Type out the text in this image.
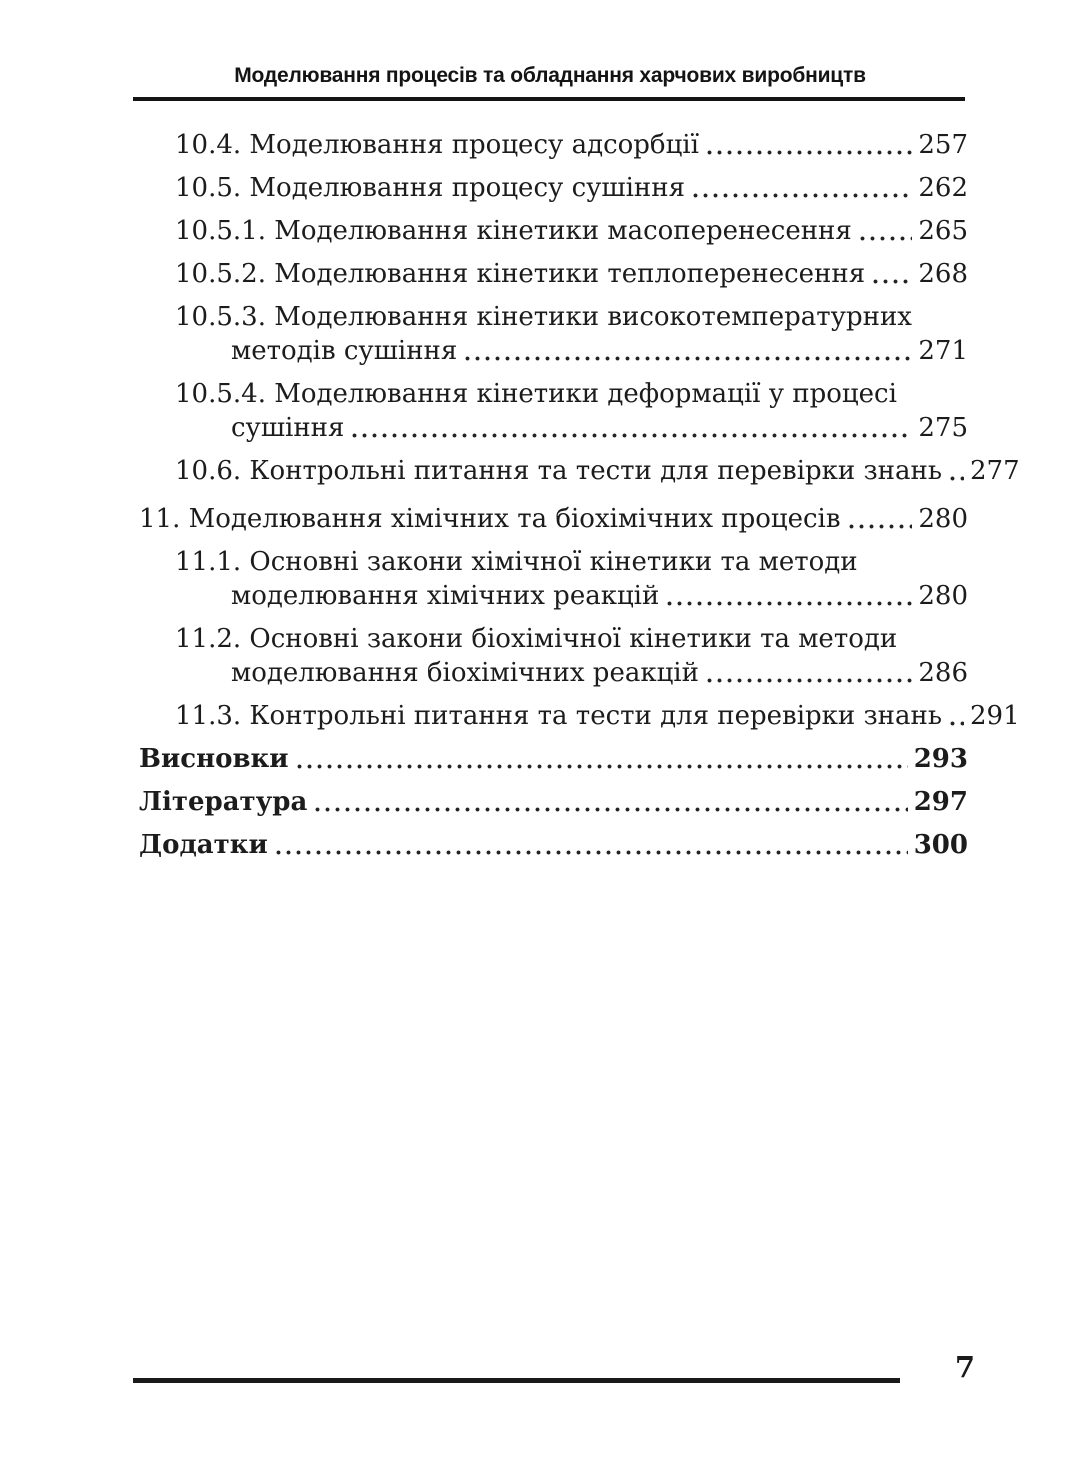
Моделювання процесів та обладнання харчових виробництв
10.4. Моделювання процесу адсорбції	257
10.5. Моделювання процесу сушіння	262
10.5.1. Моделювання кінетики масоперенесення	265
10.5.2. Моделювання кінетики теплоперенесення 268
10.5.3. Моделювання кінетики високотемпературних
методів сушіння	271
10.5.4. Моделювання кінетики деформації у процесі
сушіння	275
10.6. Контрольні питання та тести для перевірки знань 277
11. Моделювання хімічних та біохімічних процесів	280
11.1. Основні закони хімічної кінетики та методи
моделювання хімічних реакцій	280
11.2. Основні закони біохімічної кінетики та методи
моделювання біохімічних реакцій	286
11.3. Контрольні питання та тести для перевірки знань 291
Висновки	293
Література	297
Додатки	300
7
